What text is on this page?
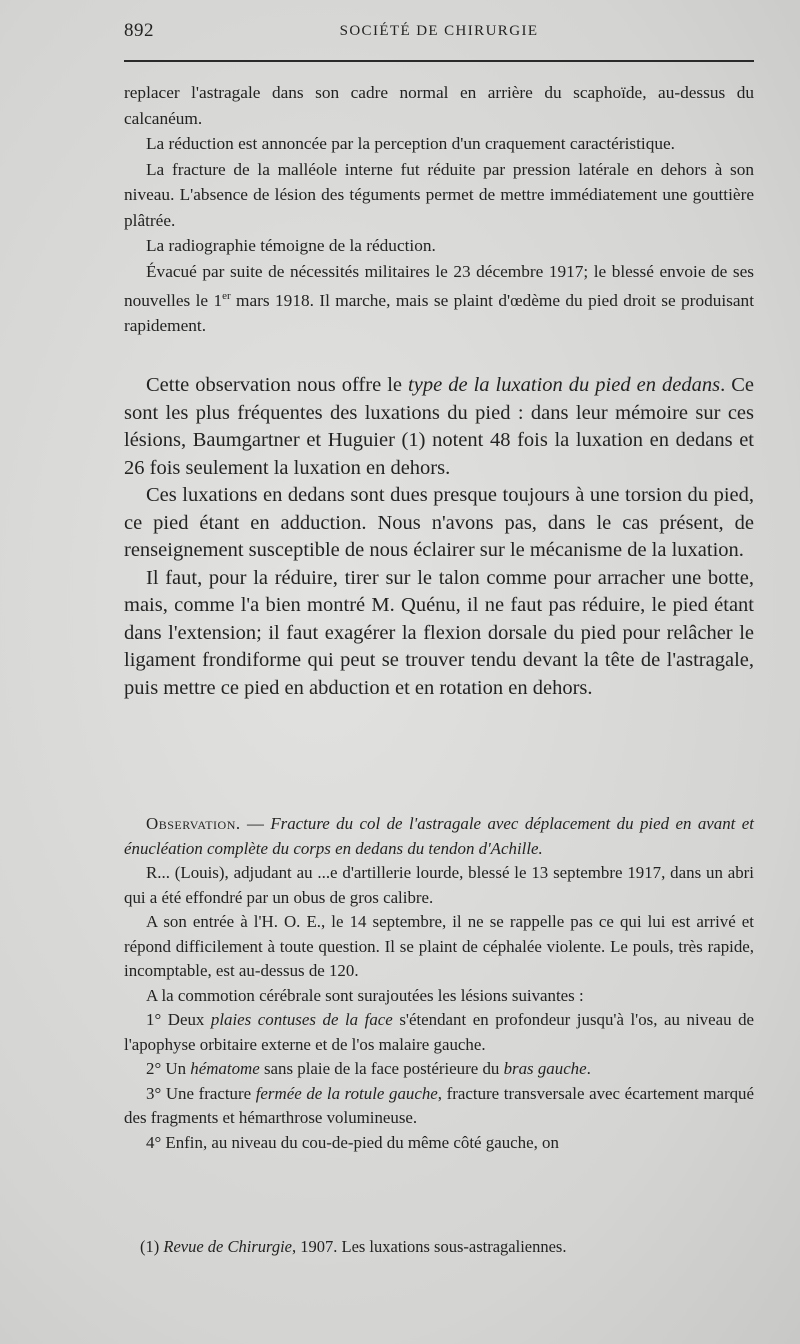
892	SOCIÉTÉ DE CHIRURGIE

replacer l'astragale dans son cadre normal en arrière du scaphoïde, au-dessus du calcanéum.

La réduction est annoncée par la perception d'un craquement caractéristique.

La fracture de la malléole interne fut réduite par pression latérale en dehors à son niveau. L'absence de lésion des téguments permet de mettre immédiatement une gouttière plâtrée.

La radiographie témoigne de la réduction.

Évacué par suite de nécessités militaires le 23 décembre 1917; le blessé envoie de ses nouvelles le 1er mars 1918. Il marche, mais se plaint d'œdème du pied droit se produisant rapidement.

Cette observation nous offre le type de la luxation du pied en dedans. Ce sont les plus fréquentes des luxations du pied : dans leur mémoire sur ces lésions, Baumgartner et Huguier (1) notent 48 fois la luxation en dedans et 26 fois seulement la luxation en dehors.

Ces luxations en dedans sont dues presque toujours à une torsion du pied, ce pied étant en adduction. Nous n'avons pas, dans le cas présent, de renseignement susceptible de nous éclairer sur le mécanisme de la luxation.

Il faut, pour la réduire, tirer sur le talon comme pour arracher une botte, mais, comme l'a bien montré M. Quénu, il ne faut pas réduire, le pied étant dans l'extension; il faut exagérer la flexion dorsale du pied pour relâcher le ligament frondiforme qui peut se trouver tendu devant la tête de l'astragale, puis mettre ce pied en abduction et en rotation en dehors.

Observation. — Fracture du col de l'astragale avec déplacement du pied en avant et énucléation complète du corps en dedans du tendon d'Achille.

R... (Louis), adjudant au ...e d'artillerie lourde, blessé le 13 septembre 1917, dans un abri qui a été effondré par un obus de gros calibre.

A son entrée à l'H. O. E., le 14 septembre, il ne se rappelle pas ce qui lui est arrivé et répond difficilement à toute question. Il se plaint de céphalée violente. Le pouls, très rapide, incomptable, est au-dessus de 120.

A la commotion cérébrale sont surajoutées les lésions suivantes :

1° Deux plaies contuses de la face s'étendant en profondeur jusqu'à l'os, au niveau de l'apophyse orbitaire externe et de l'os malaire gauche.

2° Un hématome sans plaie de la face postérieure du bras gauche.

3° Une fracture fermée de la rotule gauche, fracture transversale avec écartement marqué des fragments et hémarthrose volumineuse.

4° Enfin, au niveau du cou-de-pied du même côté gauche, on

(1) Revue de Chirurgie, 1907. Les luxations sous-astragaliennes.
